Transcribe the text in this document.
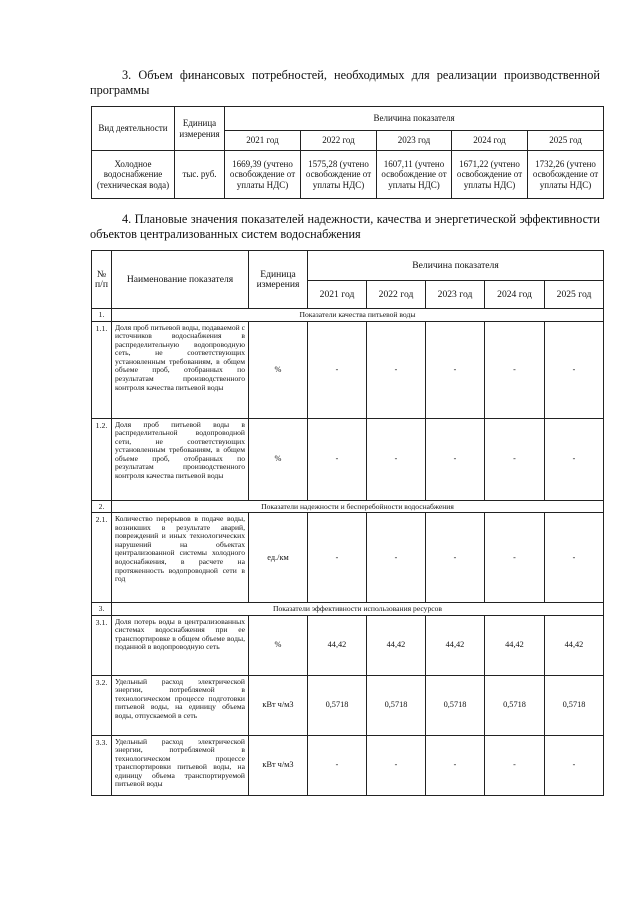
3. Объем финансовых потребностей, необходимых для реализации производственной программы
Вид деятельности	Единица измерения	Величина показателя				
		2021 год	2022 год	2023 год	2024 год	2025 год
Холодное водоснабжение (техническая вода)	тыс. руб.	1669,39 (учтено освобождение от уплаты НДС)	1575,28 (учтено освобождение от уплаты НДС)	1607,11 (учтено освобождение от уплаты НДС)	1671,22 (учтено освобождение от уплаты НДС)	1732,26 (учтено освобождение от уплаты НДС)
4. Плановые значения показателей надежности, качества и энергетической эффективности объектов централизованных систем водоснабжения
№ п/п	Наименование показателя	Единица измерения	Величина показателя				
			2021 год	2022 год	2023 год	2024 год	2025 год
1.	Показатели качества питьевой воды						
1.1.	Доля проб питьевой воды, подаваемой с источников водоснабжения в распределительную водопроводную сеть, не соответствующих установленным требованиям, в общем объеме проб, отобранных по результатам производственного контроля качества питьевой воды	%	-	-	-	-	-
1.2.	Доля проб питьевой воды в распределительной водопроводной сети, не соответствующих установленным требованиям, в общем объеме проб, отобранных по результатам производственного контроля качества питьевой воды	%	-	-	-	-	-
2.	Показатели надежности и бесперебойности водоснабжения						
2.1.	Количество перерывов в подаче воды, возникших в результате аварий, повреждений и иных технологических нарушений на объектах централизованной системы холодного водоснабжения, в расчете на протяженность водопроводной сети в год	ед./км	-	-	-	-	-
3.	Показатели эффективности использования ресурсов						
3.1.	Доля потерь воды в централизованных системах водоснабжения при ее транспортировке в общем объеме воды, поданной в водопроводную сеть	%	44,42	44,42	44,42	44,42	44,42
3.2.	Удельный расход электрической энергии, потребляемой в технологическом процессе подготовки питьевой воды, на единицу объема воды, отпускаемой в сеть	кВт ч/м3	0,5718	0,5718	0,5718	0,5718	0,5718
3.3.	Удельный расход электрической энергии, потребляемой в технологическом процессе транспортировки питьевой воды, на единицу объема транспортируемой питьевой воды	кВт ч/м3	-	-	-	-	-
